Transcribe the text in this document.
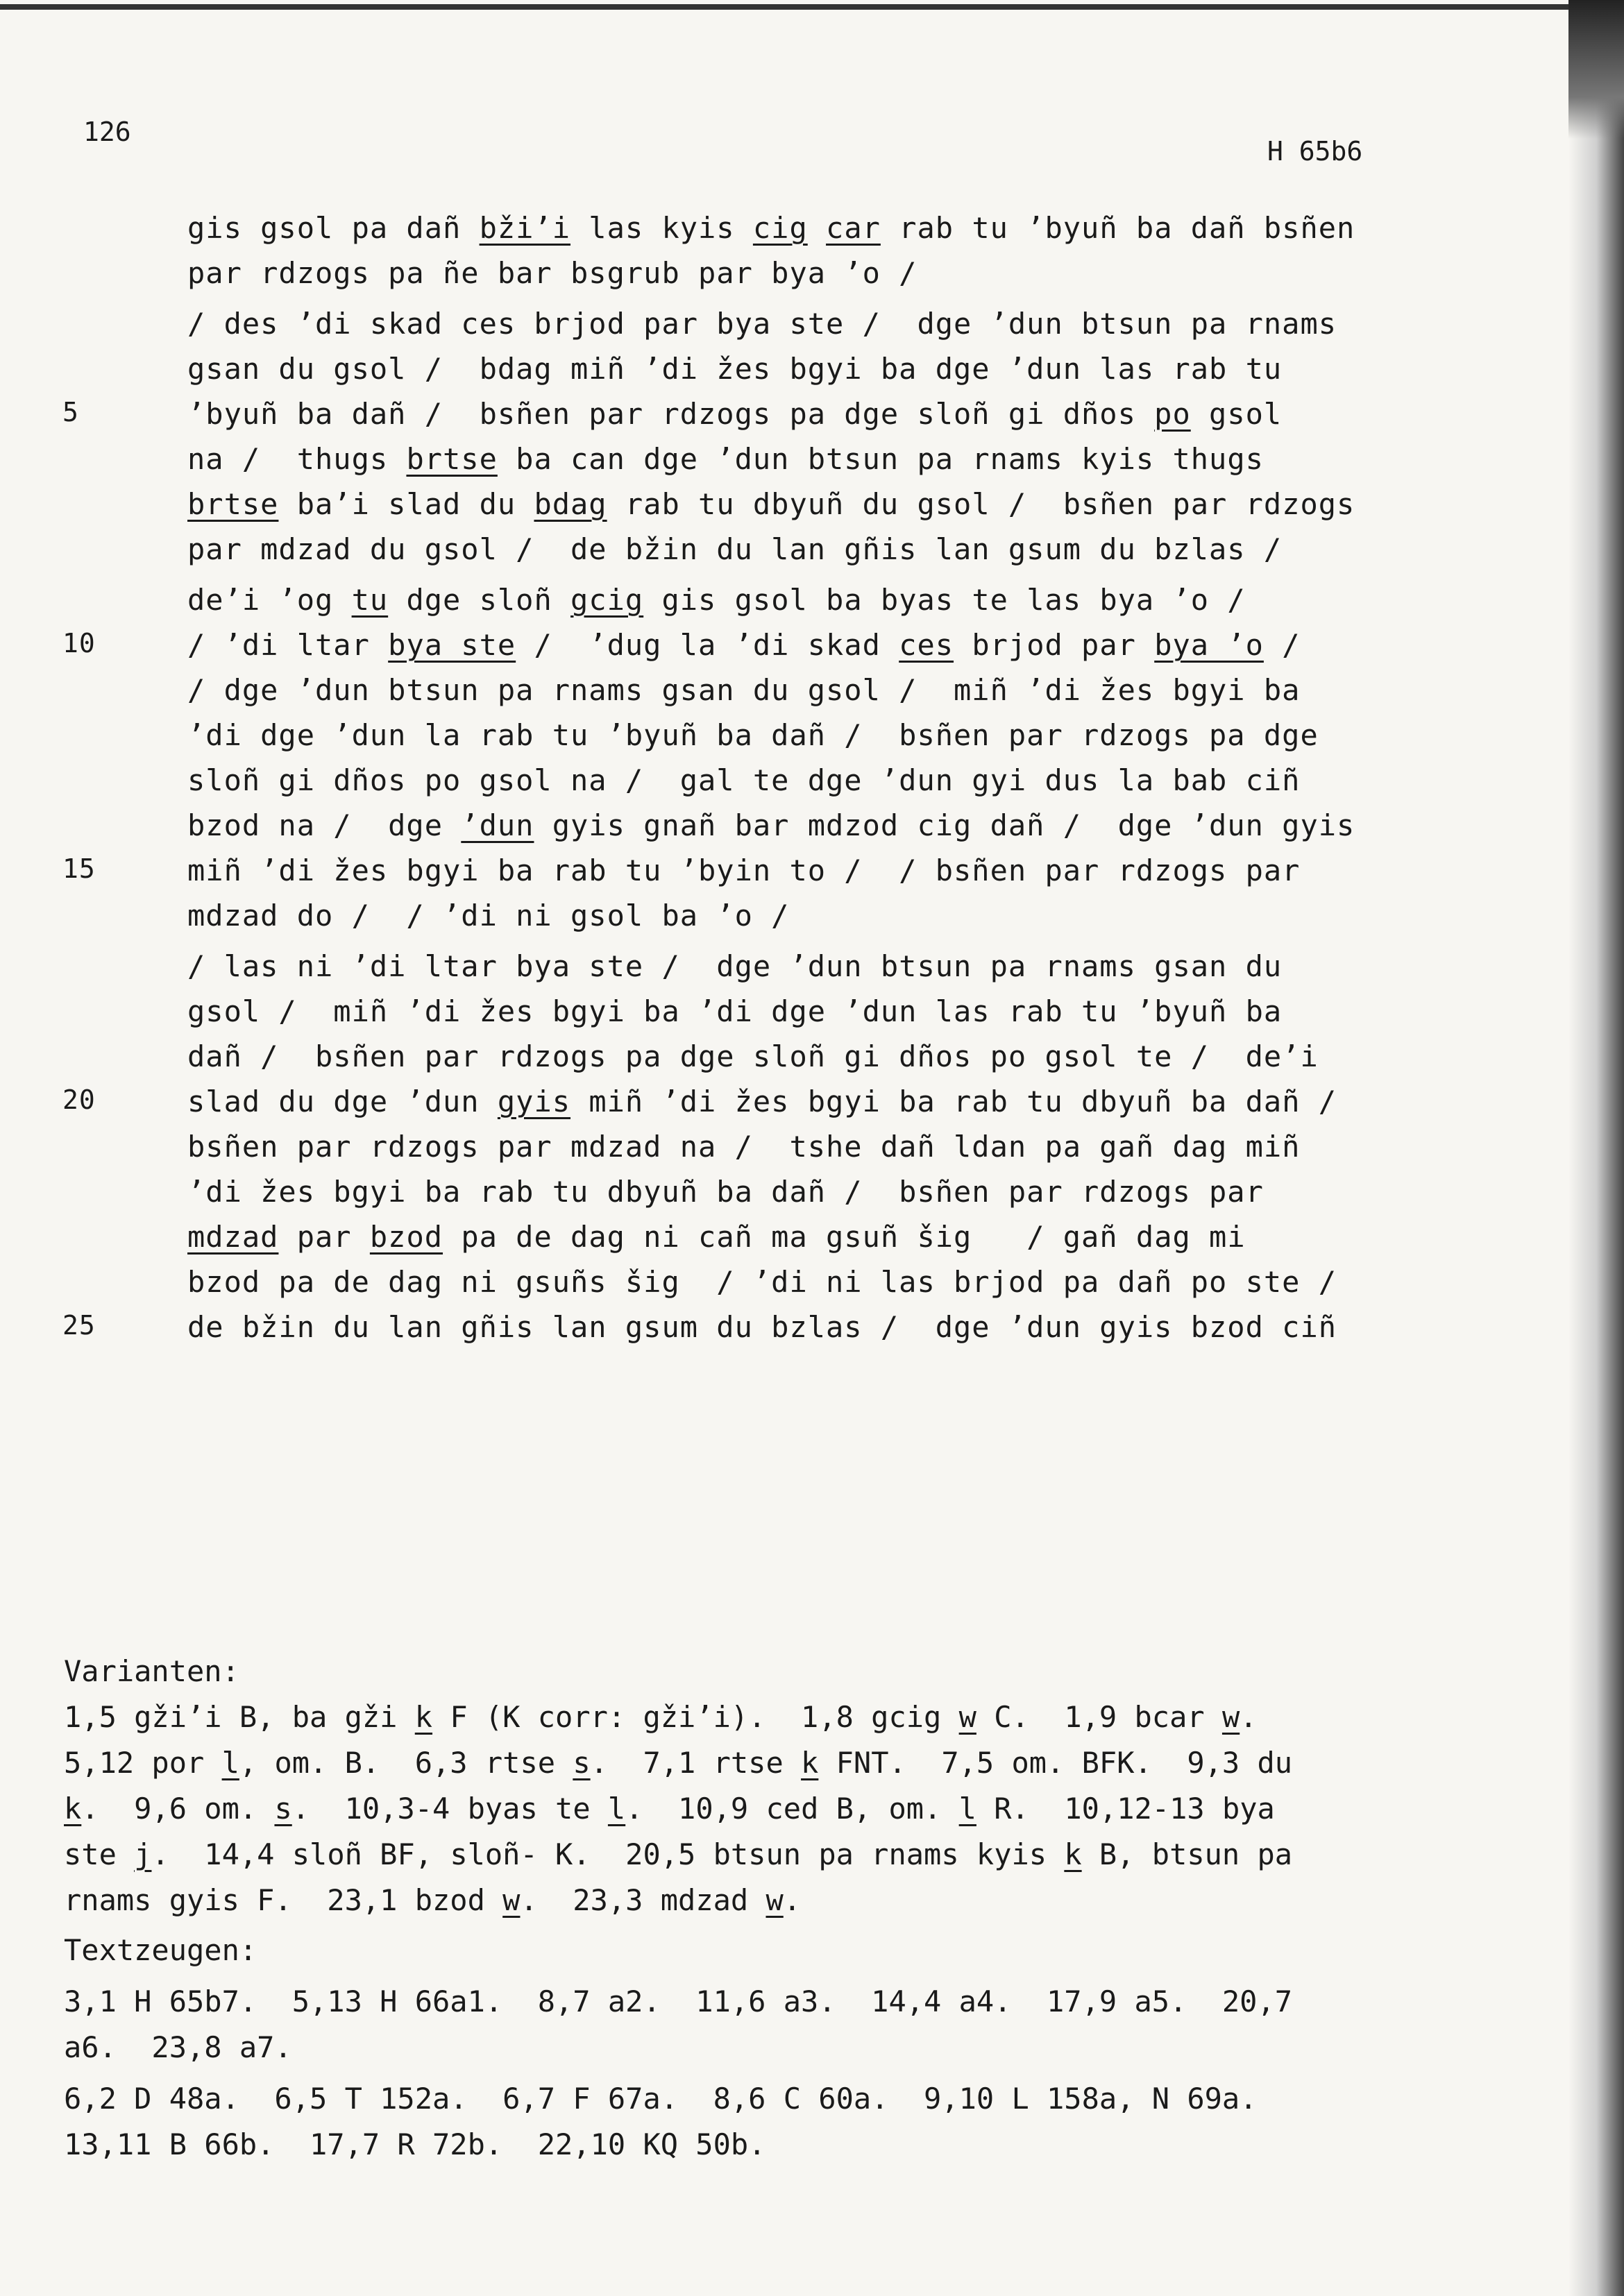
126
H 65b6
gis gsol pa dañ bži’i las kyis cig car rab tu ’byuñ ba dañ bsñen
par rdzogs pa ñe bar bsgrub par bya ’o /
/ des ’di skad ces brjod par bya ste /  dge ’dun btsun pa rnams
gsan du gsol /  bdag miñ ’di žes bgyi ba dge ’dun las rab tu
5	’byuñ ba dañ /  bsñen par rdzogs pa dge sloñ gi dños po gsol
na /  thugs brtse ba can dge ’dun btsun pa rnams kyis thugs
brtse ba’i slad du bdag rab tu dbyuñ du gsol /  bsñen par rdzogs
par mdzad du gsol /  de bžin du lan gñis lan gsum du bzlas /
de’i ’og tu dge sloñ gcig gis gsol ba byas te las bya ’o /
10	/ ’di ltar bya ste /  ’dug la ’di skad ces brjod par bya ’o /
/ dge ’dun btsun pa rnams gsan du gsol /  miñ ’di žes bgyi ba
’di dge ’dun la rab tu ’byuñ ba dañ /  bsñen par rdzogs pa dge
sloñ gi dños po gsol na /  gal te dge ’dun gyi dus la bab ciñ
bzod na /  dge ’dun gyis gnañ bar mdzod cig dañ /  dge ’dun gyis
15	miñ ’di žes bgyi ba rab tu ’byin to /  / bsñen par rdzogs par
mdzad do /  / ’di ni gsol ba ’o /
/ las ni ’di ltar bya ste /  dge ’dun btsun pa rnams gsan du
gsol /  miñ ’di žes bgyi ba ’di dge ’dun las rab tu ’byuñ ba
dañ /  bsñen par rdzogs pa dge sloñ gi dños po gsol te /  de’i
20	slad du dge ’dun gyis miñ ’di žes bgyi ba rab tu dbyuñ ba dañ /
bsñen par rdzogs par mdzad na /  tshe dañ ldan pa gañ dag miñ
’di žes bgyi ba rab tu dbyuñ ba dañ /  bsñen par rdzogs par
mdzad par bzod pa de dag ni cañ ma gsuñ šig   / gañ dag mi
bzod pa de dag ni gsuñs šig  / ’di ni las brjod pa dañ po ste /
25	de bžin du lan gñis lan gsum du bzlas /  dge ’dun gyis bzod ciñ
Varianten:
1,5 gži’i B, ba gži k F (K corr: gži’i).  1,8 gcig w C.  1,9 bcar w.
5,12 por l, om. B.  6,3 rtse s.  7,1 rtse k FNT.  7,5 om. BFK.  9,3 du
k.  9,6 om. s.  10,3-4 byas te l.  10,9 ced B, om. l R.  10,12-13 bya
ste j.  14,4 sloñ BF, sloñ- K.  20,5 btsun pa rnams kyis k B, btsun pa
rnams gyis F.  23,1 bzod w.  23,3 mdzad w.
Textzeugen:
3,1 H 65b7.  5,13 H 66a1.  8,7 a2.  11,6 a3.  14,4 a4.  17,9 a5.  20,7
a6.  23,8 a7.
6,2 D 48a.  6,5 T 152a.  6,7 F 67a.  8,6 C 60a.  9,10 L 158a, N 69a.
13,11 B 66b.  17,7 R 72b.  22,10 KQ 50b.
